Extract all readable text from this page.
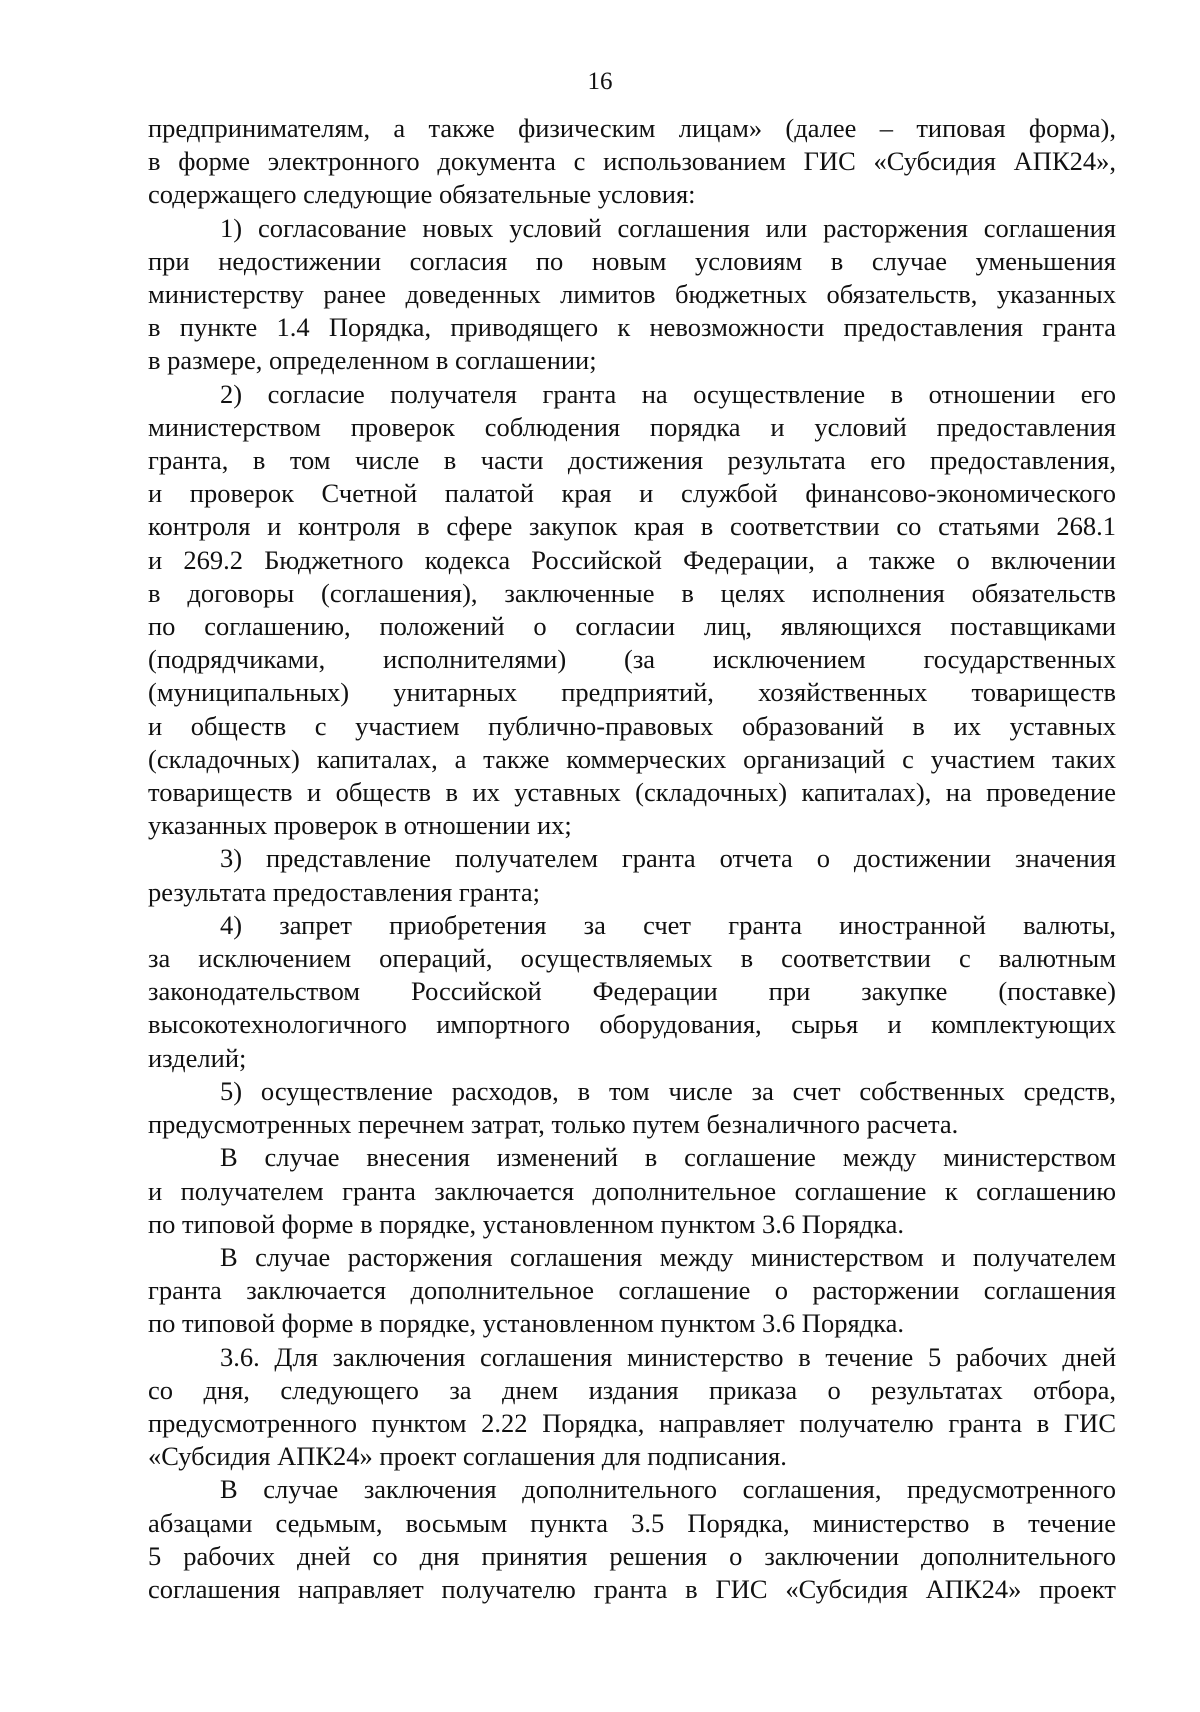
16

предпринимателям, а также физическим лицам» (далее – типовая форма),
в форме электронного документа с использованием ГИС «Субсидия АПК24»,
содержащего следующие обязательные условия:

1) согласование новых условий соглашения или расторжения соглашения
при недостижении согласия по новым условиям в случае уменьшения
министерству ранее доведенных лимитов бюджетных обязательств, указанных
в пункте 1.4 Порядка, приводящего к невозможности предоставления гранта
в размере, определенном в соглашении;

2) согласие получателя гранта на осуществление в отношении его
министерством проверок соблюдения порядка и условий предоставления
гранта, в том числе в части достижения результата его предоставления,
и проверок Счетной палатой края и службой финансово-экономического
контроля и контроля в сфере закупок края в соответствии со статьями 268.1
и 269.2 Бюджетного кодекса Российской Федерации, а также о включении
в договоры (соглашения), заключенные в целях исполнения обязательств
по соглашению, положений о согласии лиц, являющихся поставщиками
(подрядчиками, исполнителями) (за исключением государственных
(муниципальных) унитарных предприятий, хозяйственных товариществ
и обществ с участием публично-правовых образований в их уставных
(складочных) капиталах, а также коммерческих организаций с участием таких
товариществ и обществ в их уставных (складочных) капиталах), на проведение
указанных проверок в отношении их;

3) представление получателем гранта отчета о достижении значения
результата предоставления гранта;

4) запрет приобретения за счет гранта иностранной валюты,
за исключением операций, осуществляемых в соответствии с валютным
законодательством Российской Федерации при закупке (поставке)
высокотехнологичного импортного оборудования, сырья и комплектующих
изделий;

5) осуществление расходов, в том числе за счет собственных средств,
предусмотренных перечнем затрат, только путем безналичного расчета.

В случае внесения изменений в соглашение между министерством
и получателем гранта заключается дополнительное соглашение к соглашению
по типовой форме в порядке, установленном пунктом 3.6 Порядка.

В случае расторжения соглашения между министерством и получателем
гранта заключается дополнительное соглашение о расторжении соглашения
по типовой форме в порядке, установленном пунктом 3.6 Порядка.

3.6. Для заключения соглашения министерство в течение 5 рабочих дней
со дня, следующего за днем издания приказа о результатах отбора,
предусмотренного пунктом 2.22 Порядка, направляет получателю гранта в ГИС
«Субсидия АПК24» проект соглашения для подписания.

В случае заключения дополнительного соглашения, предусмотренного
абзацами седьмым, восьмым пункта 3.5 Порядка, министерство в течение
5 рабочих дней со дня принятия решения о заключении дополнительного
соглашения направляет получателю гранта в ГИС «Субсидия АПК24» проект
